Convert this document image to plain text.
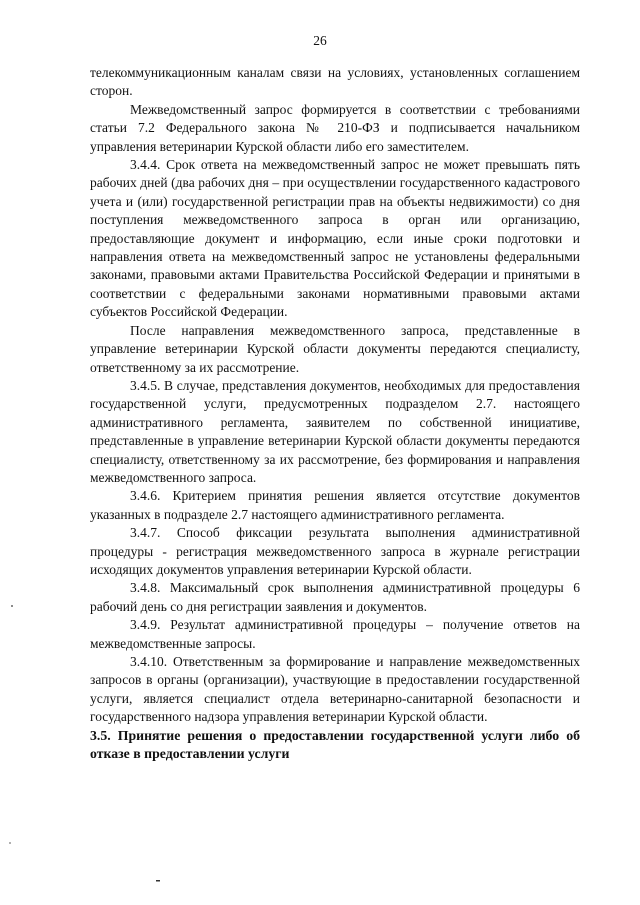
26

телекоммуникационным каналам связи на условиях, установленных соглашением сторон.

Межведомственный запрос формируется в соответствии с требованиями статьи 7.2 Федерального закона № 210-ФЗ и подписывается начальником управления ветеринарии Курской области либо его заместителем.

3.4.4. Срок ответа на межведомственный запрос не может превышать пять рабочих дней (два рабочих дня – при осуществлении государственного кадастрового учета и (или) государственной регистрации прав на объекты недвижимости) со дня поступления межведомственного запроса в орган или организацию, предоставляющие документ и информацию, если иные сроки подготовки и направления ответа на межведомственный запрос не установлены федеральными законами, правовыми актами Правительства Российской Федерации и принятыми в соответствии с федеральными законами нормативными правовыми актами субъектов Российской Федерации.

После направления межведомственного запроса, представленные в управление ветеринарии Курской области документы передаются специалисту, ответственному за их рассмотрение.

3.4.5. В случае, представления документов, необходимых для предоставления государственной услуги, предусмотренных подразделом 2.7. настоящего административного регламента, заявителем по собственной инициативе, представленные в управление ветеринарии Курской области документы передаются специалисту, ответственному за их рассмотрение, без формирования и направления межведомственного запроса.

3.4.6. Критерием принятия решения является отсутствие документов указанных в подразделе 2.7 настоящего административного регламента.

3.4.7. Способ фиксации результата выполнения административной процедуры - регистрация межведомственного запроса в журнале регистрации исходящих документов управления ветеринарии Курской области.

3.4.8. Максимальный срок выполнения административной процедуры 6 рабочий день со дня регистрации заявления и документов.

3.4.9. Результат административной процедуры – получение ответов на межведомственные запросы.

3.4.10. Ответственным за формирование и направление межведомственных запросов в органы (организации), участвующие в предоставлении государственной услуги, является специалист отдела ветеринарно-санитарной безопасности и государственного надзора управления ветеринарии Курской области.

3.5. Принятие решения о предоставлении государственной услуги либо об отказе в предоставлении услуги
